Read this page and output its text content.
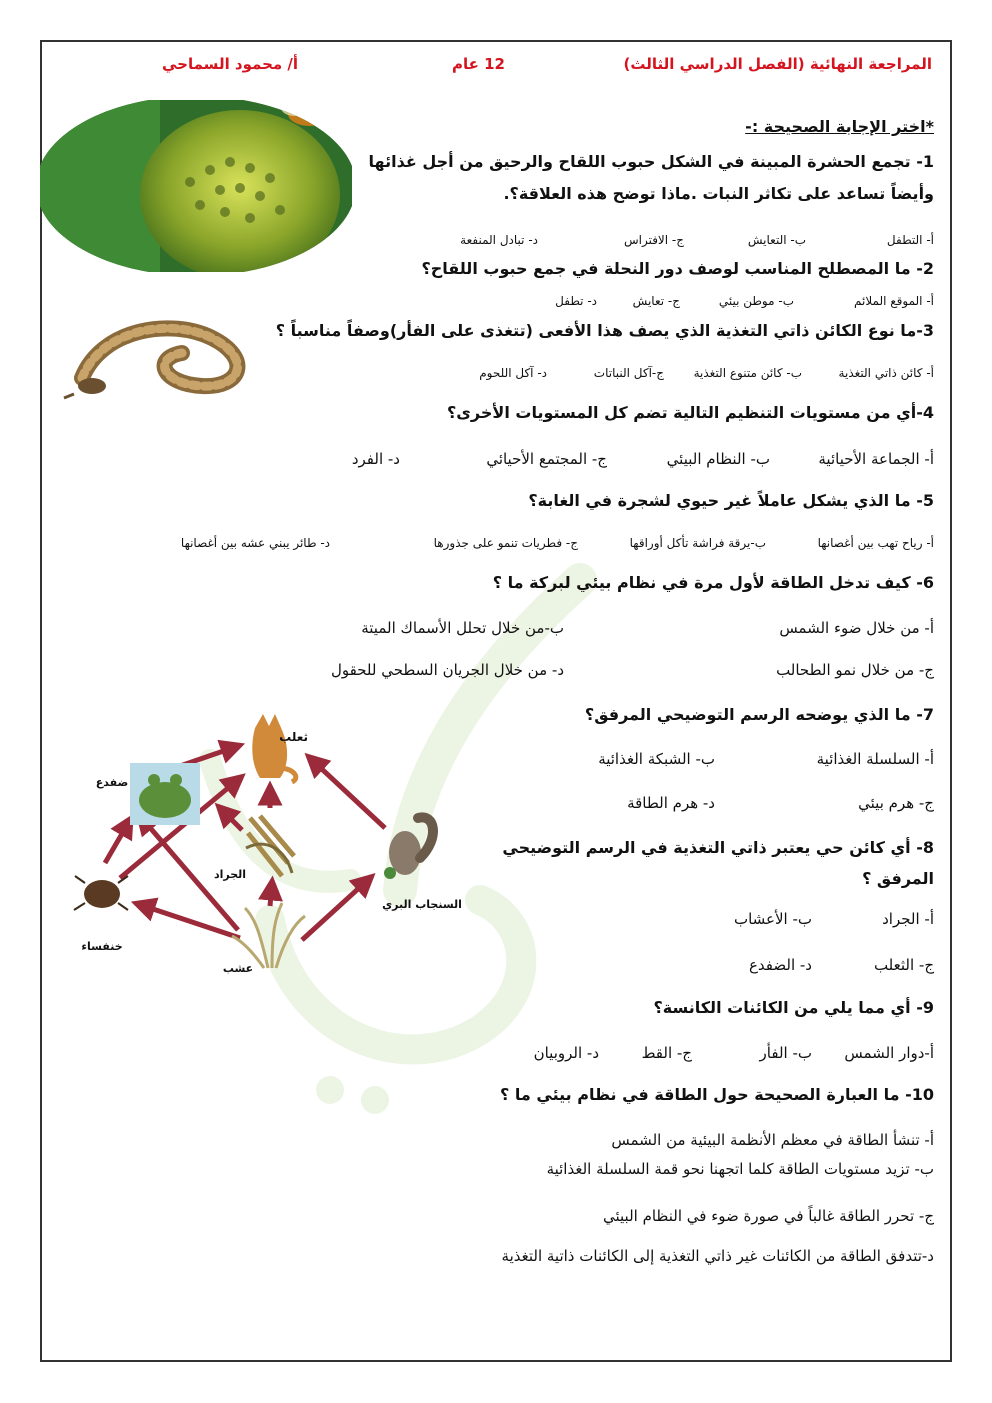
المراجعة النهائية (الفصل الدراسي الثالث)
12 عام
أ/ محمود السماحي
*اختر الإجابة الصحيحة :-
1- تجمع الحشرة المبينة في الشكل حبوب اللقاح والرحيق من أجل غذائها
وأيضاً تساعد على تكاثر النبات .ماذا توضح هذه العلاقة؟.
أ- التطفل
ب- التعايش
ج- الافتراس
د- تبادل المنفعة
2- ما المصطلح المناسب لوصف دور النحلة في جمع حبوب اللقاح؟
أ- الموقع الملائم
ب- موطن بيئي
ج- تعايش
د- تطفل
3-ما نوع الكائن ذاتي التغذية الذي يصف هذا الأفعى (تتغذى على الفأر)وصفاً مناسباً ؟
أ- كائن ذاتي التغذية
ب- كائن متنوع التغذية
ج-آكل النباتات
د- آكل اللحوم
4-أي من مستويات التنظيم التالية تضم كل المستويات الأخرى؟
أ- الجماعة الأحيائية
ب- النظام البيئي
ج- المجتمع الأحيائي
د- الفرد
5- ما الذي يشكل عاملاً غير حيوي لشجرة في الغابة؟
أ- رياح تهب بين أغصانها
ب-يرقة فراشة تأكل أوراقها
ج- فطريات تنمو على جذورها
د- طائر يبني عشه بين أغصانها
6- كيف تدخل الطاقة لأول مرة في نظام بيئي لبركة ما ؟
أ- من خلال ضوء الشمس
ب-من خلال تحلل الأسماك الميتة
ج- من خلال نمو الطحالب
د- من خلال الجريان السطحي للحقول
7- ما الذي يوضحه الرسم التوضيحي المرفق؟
أ- السلسلة الغذائية
ب- الشبكة الغذائية
ج- هرم بيئي
د- هرم الطاقة
8- أي كائن حي يعتبر ذاتي التغذية في الرسم التوضيحي
المرفق ؟
أ- الجراد
ب- الأعشاب
ج- الثعلب
د- الضفدع
9- أي مما يلي من الكائنات الكانسة؟
أ-دوار الشمس
ب- الفأر
ج- القط
د- الروبيان
10- ما العبارة الصحيحة حول الطاقة في نظام بيئي ما ؟
أ- تنشأ الطاقة في معظم الأنظمة البيئية من الشمس
ب- تزيد مستويات الطاقة كلما اتجهنا نحو قمة السلسلة الغذائية
ج- تحرر الطاقة غالباً في صورة ضوء في النظام البيئي
د-تتدفق الطاقة من الكائنات غير ذاتي التغذية إلى الكائنات ذاتية التغذية
ثعلب
ضفدع
الجراد
السنجاب البري
خنفساء
عشب
